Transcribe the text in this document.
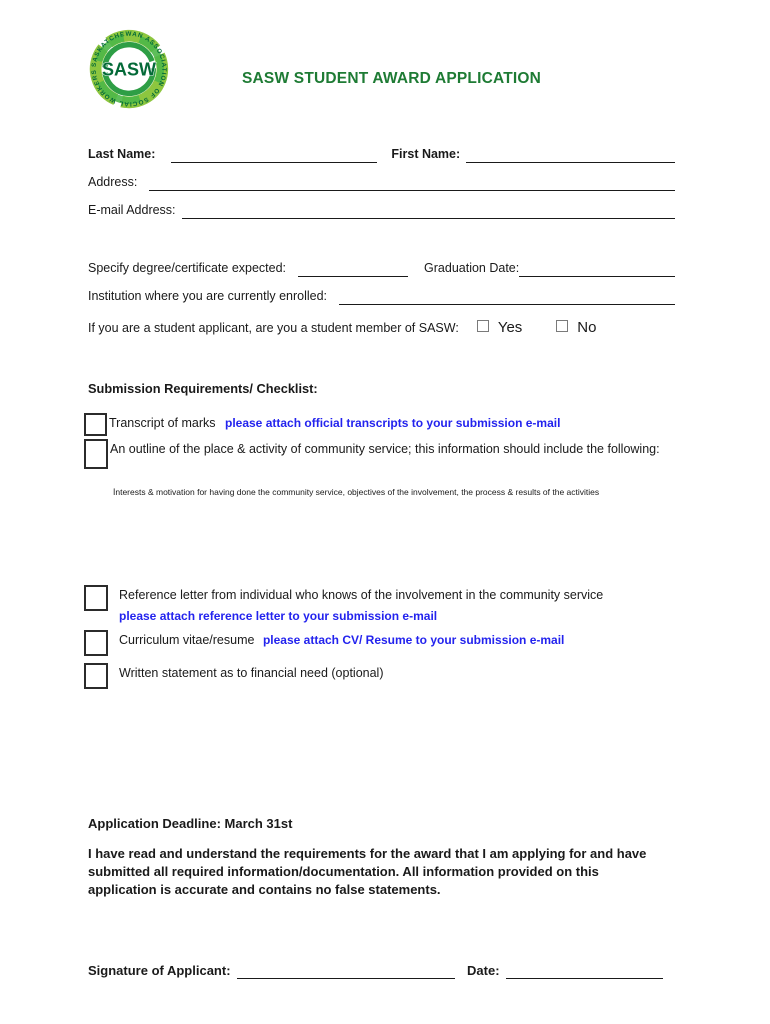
SASKATCHEWAN ASSOCIATION OF SOCIAL WORKERS SASW	SASW STUDENT AWARD APPLICATION
Last Name:	First Name:
Address:
E-mail Address:
Specify degree/certificate expected:	Graduation Date:
Institution where you are currently enrolled:
If you are a student applicant, are you a student member of SASW:	Yes	No
Submission Requirements/ Checklist:
Transcript of marks please attach official transcripts to your submission e-mail
An outline of the place & activity of community service; this information should include the following:
İnterests & motivation for having done the community service, objectives of the involvement, the process & results of the activities
Reference letter from individual who knows of the involvement in the community service
please attach reference letter to your submission e-mail
Curriculum vitae/resume please attach CV/ Resume to your submission e-mail
Written statement as to financial need (optional)
Application Deadline: March 31st
I have read and understand the requirements for the award that I am applying for and have submitted all required information/documentation. All information provided on this application is accurate and contains no false statements.
Signature of Applicant:	Date:
